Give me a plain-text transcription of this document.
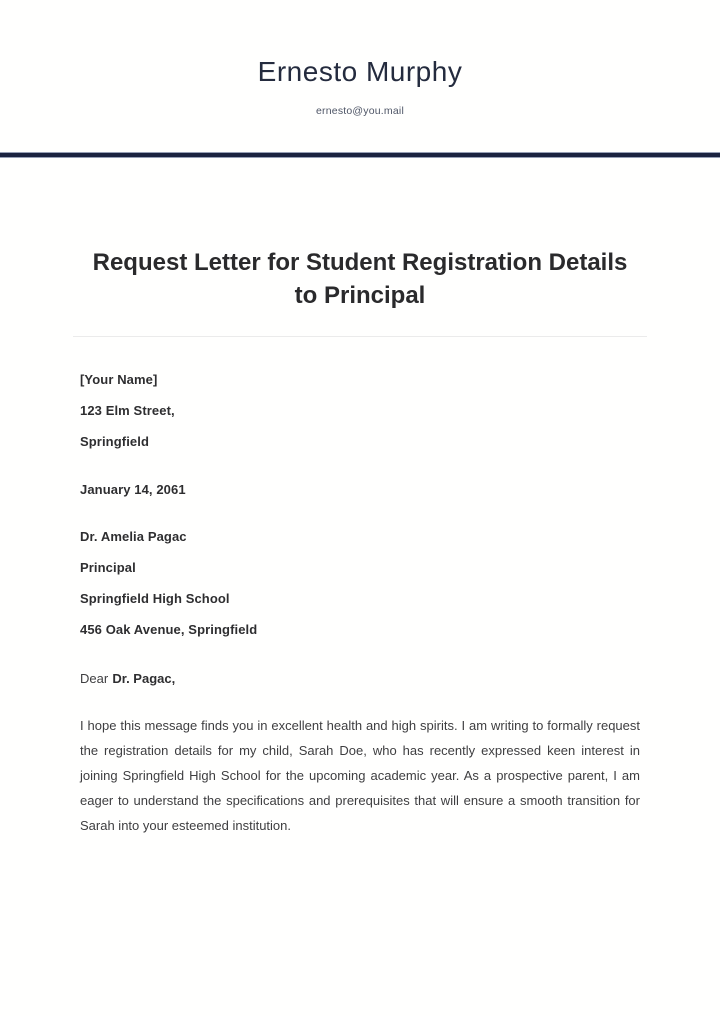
Ernesto Murphy
ernesto@you.mail
Request Letter for Student Registration Details to Principal

[Your Name]

123 Elm Street,

Springfield

January 14, 2061

Dr. Amelia Pagac

Principal

Springfield High School

456 Oak Avenue, Springfield

Dear Dr. Pagac,

I hope this message finds you in excellent health and high spirits. I am writing to formally request the registration details for my child, Sarah Doe, who has recently expressed keen interest in joining Springfield High School for the upcoming academic year. As a prospective parent, I am eager to understand the specifications and prerequisites that will ensure a smooth transition for Sarah into your esteemed institution.
